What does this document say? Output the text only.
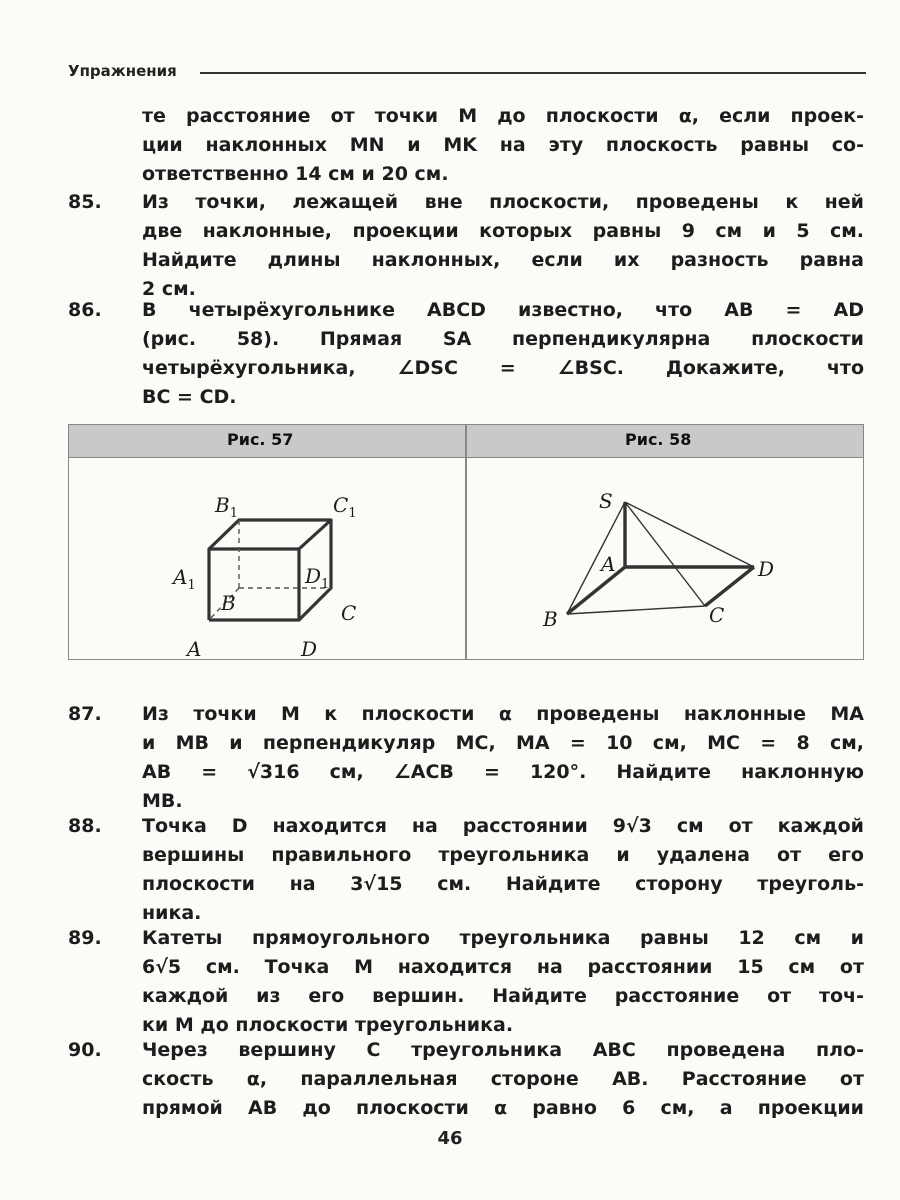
Упражнения
те расстояние от точки M до плоскости α, если проек-
ции наклонных MN и MK на эту плоскость равны со-
ответственно 14 см и 20 см.
85. Из точки, лежащей вне плоскости, проведены к ней
две наклонные, проекции которых равны 9 см и 5 см.
Найдите длины наклонных, если их разность равна
2 см.
86. В четырёхугольнике ABCD известно, что AB = AD
(рис. 58). Прямая SA перпендикулярна плоскости
четырёхугольника, ∠DSC = ∠BSC. Докажите, что
BC = CD.
Рис. 57	Рис. 58
$B_1$	$C_1$
$A_1$	$D_1$
B	C
A	D
S
A	D
B	C
87. Из точки M к плоскости α проведены наклонные MA
и MB и перпендикуляр MC, MA = 10 см, MC = 8 см,
AB = √316 см, ∠ACB = 120°. Найдите наклонную
MB.
88. Точка D находится на расстоянии 9√3 см от каждой
вершины правильного треугольника и удалена от его
плоскости на 3√15 см. Найдите сторону треуголь-
ника.
89. Катеты прямоугольного треугольника равны 12 см и
6√5 см. Точка M находится на расстоянии 15 см от
каждой из его вершин. Найдите расстояние от точ-
ки M до плоскости треугольника.
90. Через вершину C треугольника ABC проведена пло-
скость α, параллельная стороне AB. Расстояние от
прямой AB до плоскости α равно 6 см, а проекции
46
